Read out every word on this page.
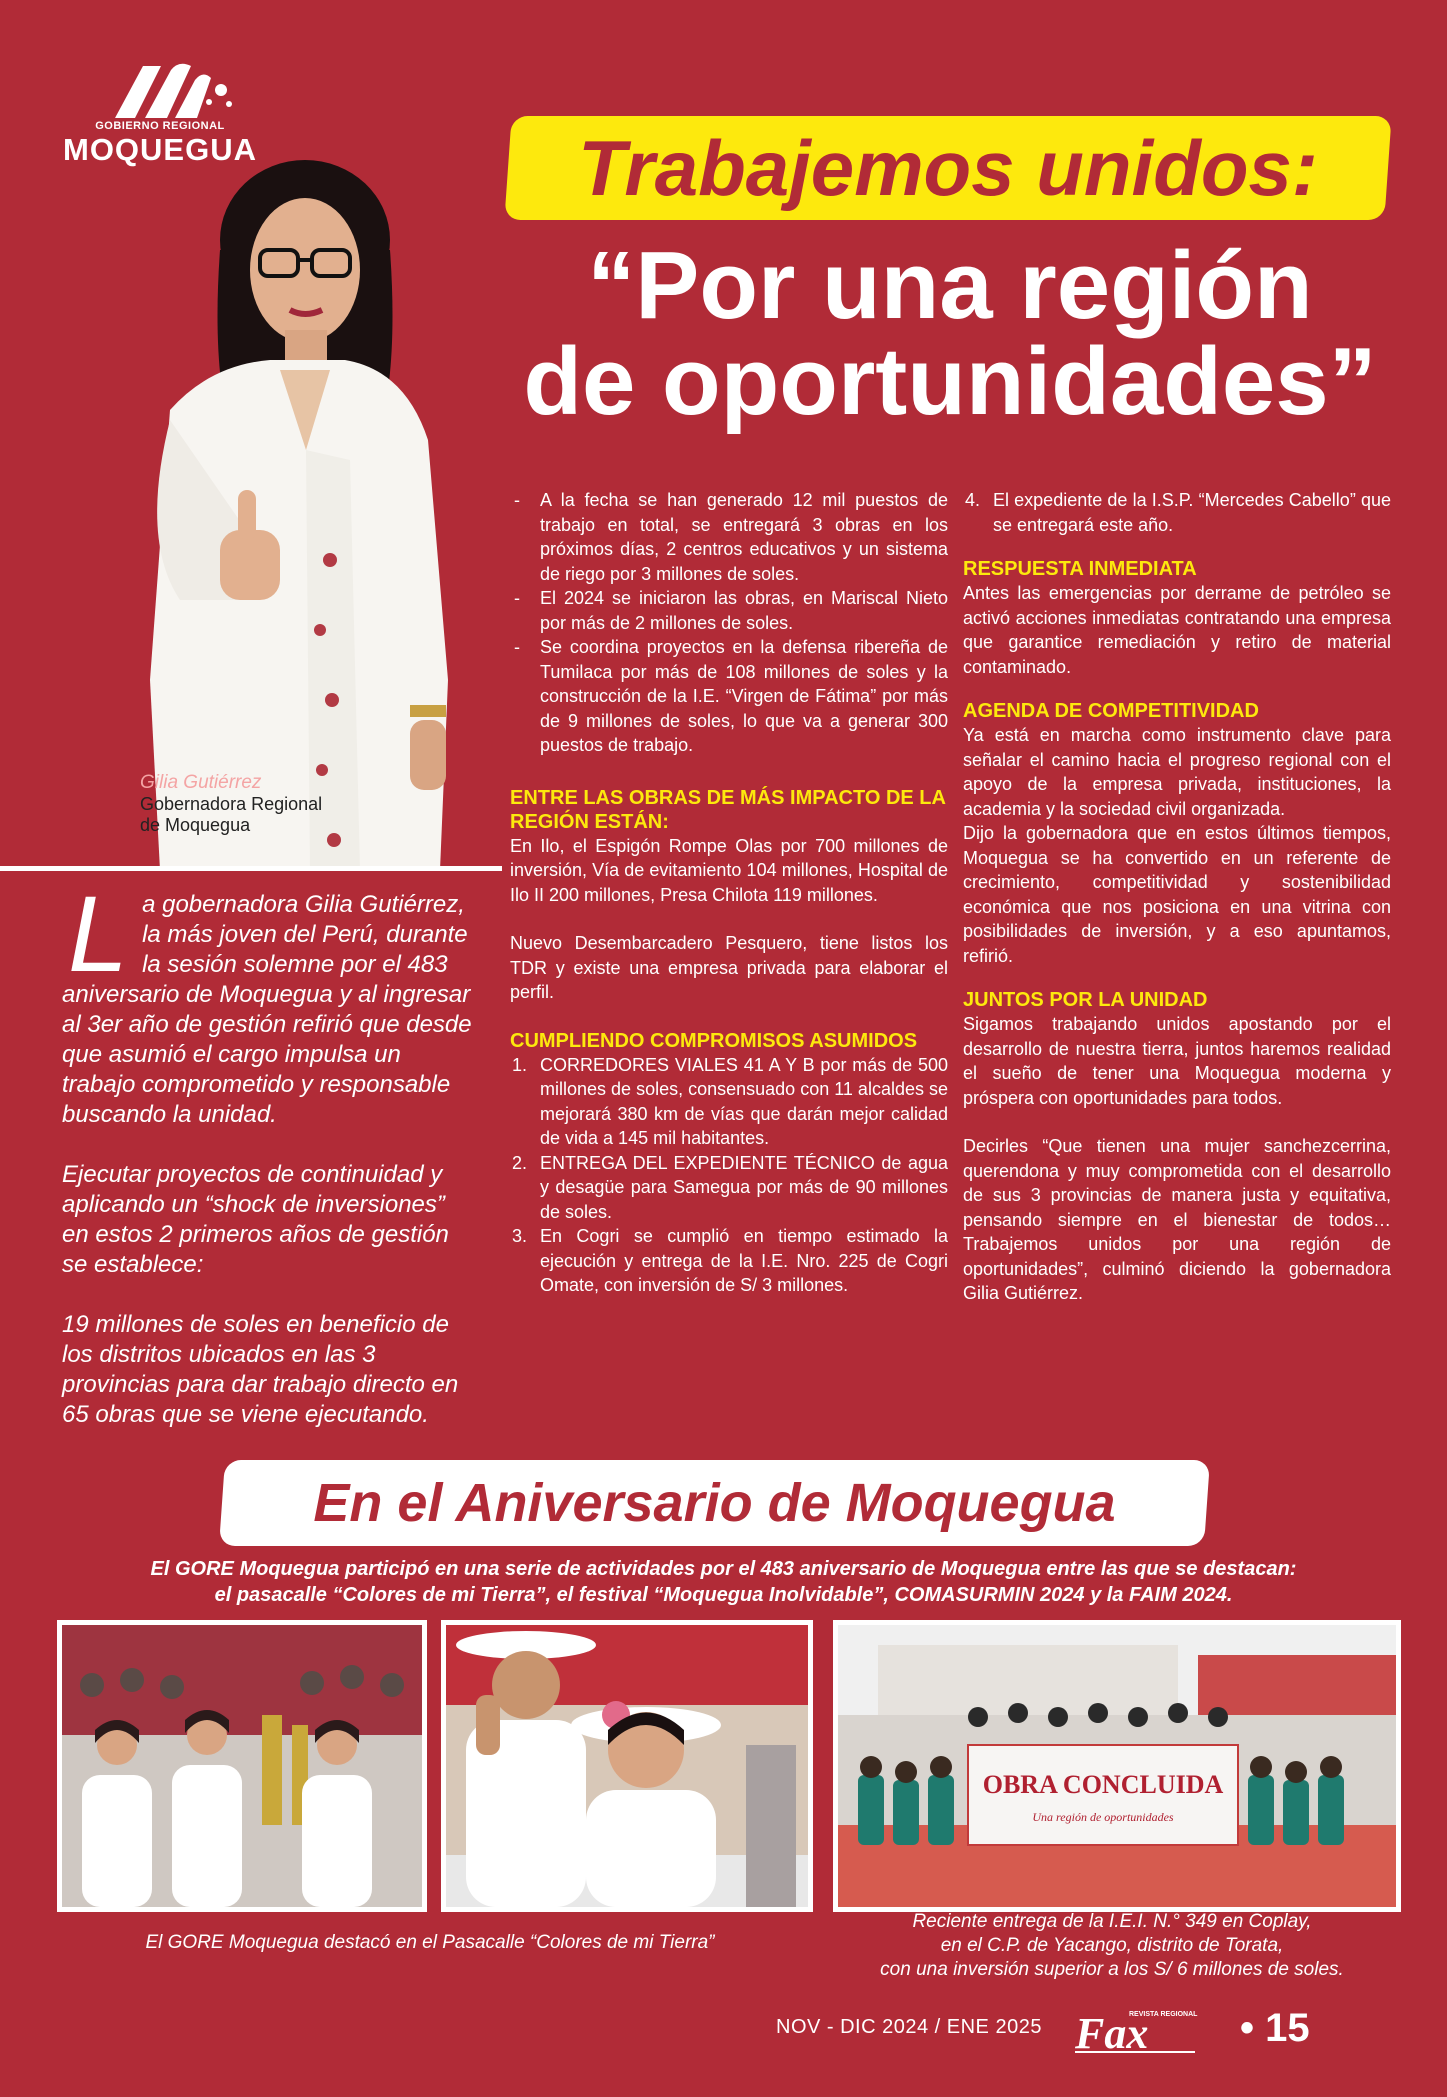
GOBIERNO REGIONAL
MOQUEGUA	Trabajemos unidos:
“Por una región
de oportunidades”
Gilia Gutiérrez
Gobernadora Regional
de Moquegua

La gobernadora Gilia Gutiérrez, la más joven del Perú, durante la sesión solemne por el 483 aniversario de Moquegua y al ingresar al 3er año de gestión refirió que desde que asumió el cargo impulsa un trabajo comprometido y responsable buscando la unidad.

Ejecutar proyectos de continuidad y aplicando un “shock de inversiones” en estos 2 primeros años de gestión se establece:

19 millones de soles en beneficio de los distritos ubicados en las 3 provincias para dar trabajo directo en 65 obras que se viene ejecutando.

- A la fecha se han generado 12 mil puestos de trabajo en total, se entregará 3 obras en los próximos días, 2 centros educativos y un sistema de riego por 3 millones de soles.
- El 2024 se iniciaron las obras, en Mariscal Nieto por más de 2 millones de soles.
- Se coordina proyectos en la defensa ribereña de Tumilaca por más de 108 millones de soles y la construcción de la I.E. “Virgen de Fátima” por más de 9 millones de soles, lo que va a generar 300 puestos de trabajo.
ENTRE LAS OBRAS DE MÁS IMPACTO DE LA REGIÓN ESTÁN:

En Ilo, el Espigón Rompe Olas por 700 millones de inversión, Vía de evitamiento 104 millones, Hospital de Ilo II 200 millones, Presa Chilota 119 millones.

Nuevo Desembarcadero Pesquero, tiene listos los TDR y existe una empresa privada para elaborar el perfil.

CUMPLIENDO COMPROMISOS ASUMIDOS
1. CORREDORES VIALES 41 A Y B por más de 500 millones de soles, consensuado con 11 alcaldes se mejorará 380 km de vías que darán mejor calidad de vida a 145 mil habitantes.
2. ENTREGA DEL EXPEDIENTE TÉCNICO de agua y desagüe para Samegua por más de 90 millones de soles.
3. En Cogri se cumplió en tiempo estimado la ejecución y entrega de la I.E. Nro. 225 de Cogri Omate, con inversión de S/ 3 millones.
4. El expediente de la I.S.P. “Mercedes Cabello” que se entregará este año.
RESPUESTA INMEDIATA

Antes las emergencias por derrame de petróleo se activó acciones inmediatas contratando una empresa que garantice remediación y retiro de material contaminado.

AGENDA DE COMPETITIVIDAD

Ya está en marcha como instrumento clave para señalar el camino hacia el progreso regional con el apoyo de la empresa privada, instituciones, la academia y la sociedad civil organizada.

Dijo la gobernadora que en estos últimos tiempos, Moquegua se ha convertido en un referente de crecimiento, competitividad y sostenibilidad económica que nos posiciona en una vitrina con posibilidades de inversión, y a eso apuntamos, refirió.

JUNTOS POR LA UNIDAD

Sigamos trabajando unidos apostando por el desarrollo de nuestra tierra, juntos haremos realidad el sueño de tener una Moquegua moderna y próspera con oportunidades para todos.

Decirles “Que tienen una mujer sanchezcerrina, querendona y muy comprometida con el desarrollo de sus 3 provincias de manera justa y equitativa, pensando siempre en el bienestar de todos… Trabajemos unidos por una región de oportunidades”, culminó diciendo la gobernadora Gilia Gutiérrez.

En el Aniversario de Moquegua
El GORE Moquegua participó en una serie de actividades por el 483 aniversario de Moquegua entre las que se destacan:
el pasacalle “Colores de mi Tierra”, el festival “Moquegua Inolvidable”, COMASURMIN 2024 y la FAIM 2024.
OBRA CONCLUIDA
Una región de oportunidades
El GORE Moquegua destacó en el Pasacalle “Colores de mi Tierra”
Reciente entrega de la I.E.I. N.° 349 en Coplay,
en el C.P. de Yacango, distrito de Torata,
con una inversión superior a los S/ 6 millones de soles.
NOV - DIC 2024 / ENE 2025 Fax
REVISTA REGIONAL • 15
